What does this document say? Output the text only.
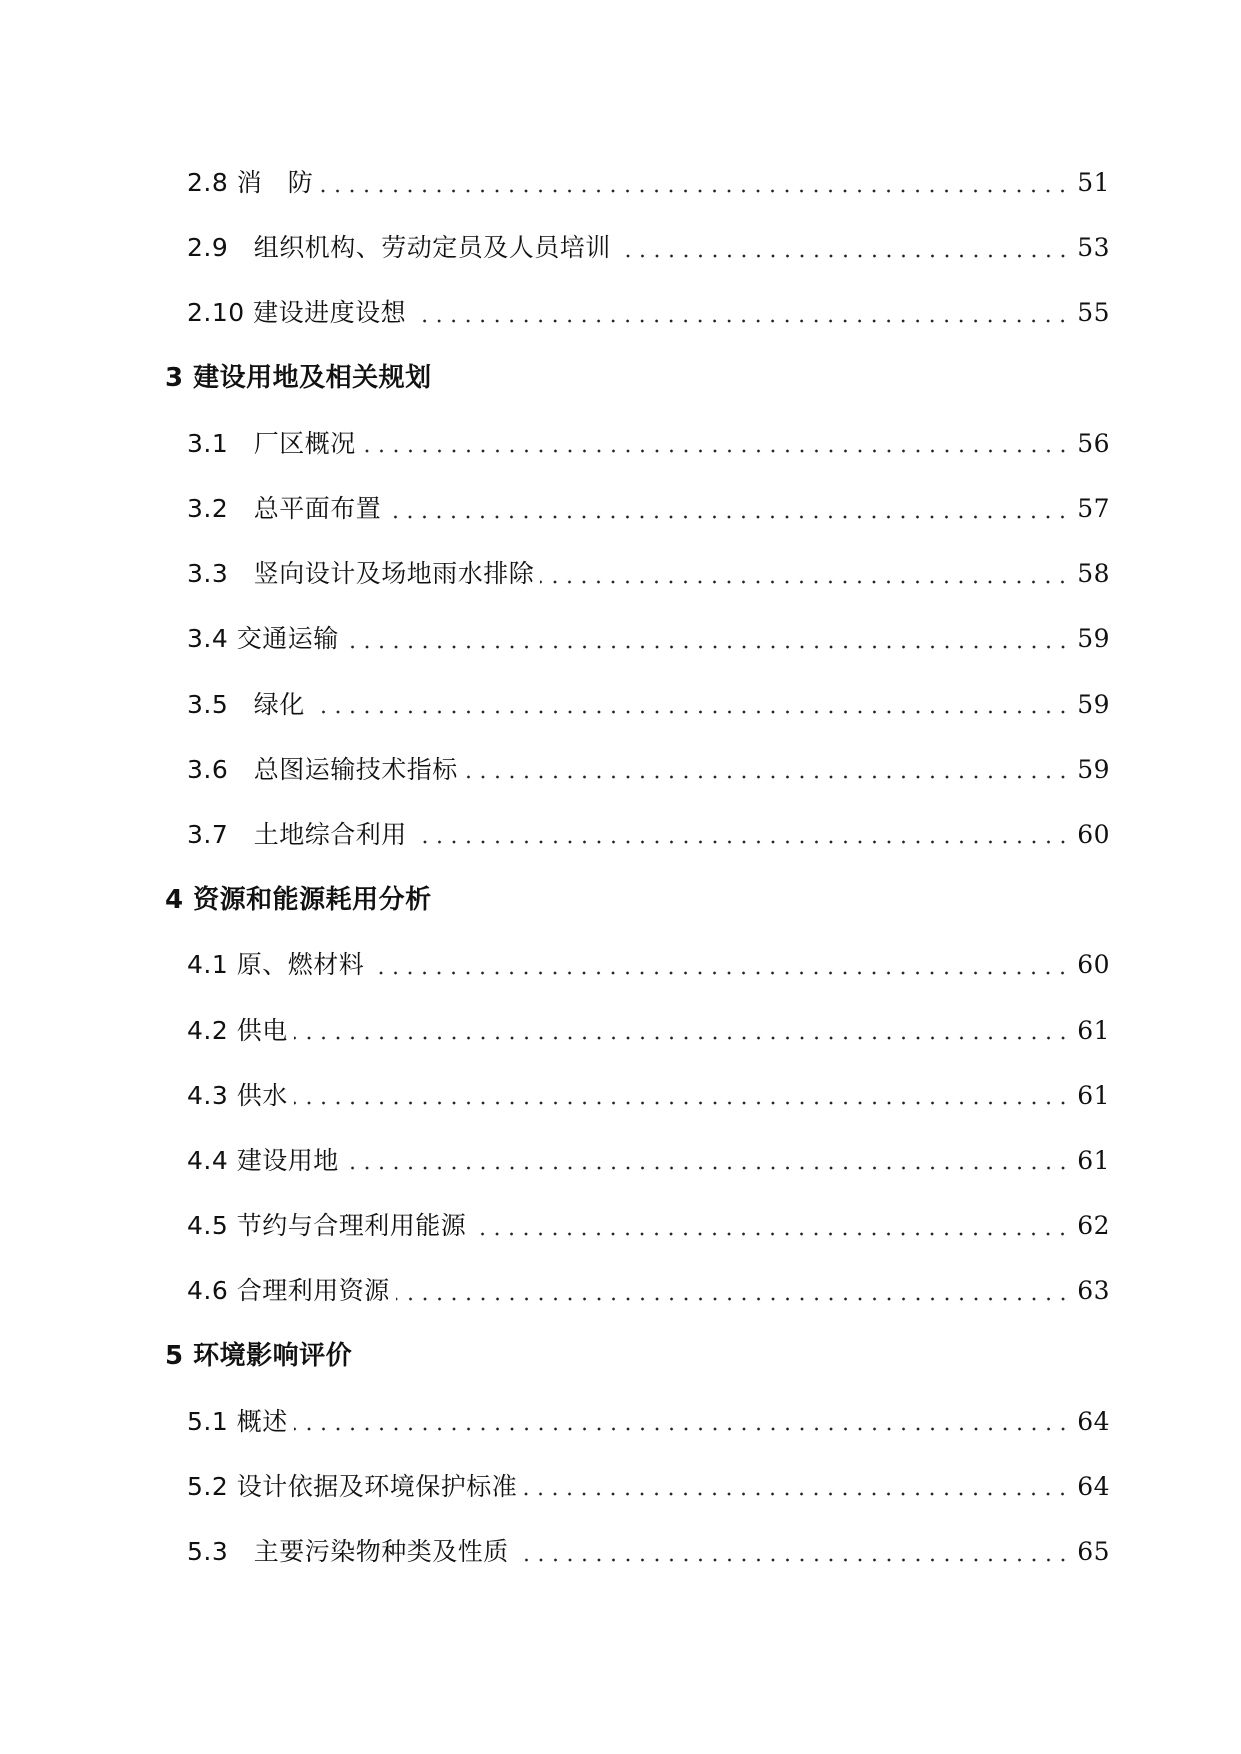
2.8 消　防	51
2.9　组织机构、劳动定员及人员培训	53
2.10 建设进度设想	55
3 建设用地及相关规划
3.1　厂区概况	56
3.2　总平面布置	57
3.3　竖向设计及场地雨水排除	58
3.4 交通运输	59
3.5　绿化	59
3.6　总图运输技术指标	59
3.7　土地综合利用	60
4 资源和能源耗用分析
4.1 原、燃材料	60
4.2 供电	61
4.3 供水	61
4.4 建设用地	61
4.5 节约与合理利用能源	62
4.6 合理利用资源	63
5 环境影响评价
5.1 概述	64
5.2 设计依据及环境保护标准	64
5.3　主要污染物种类及性质	65
